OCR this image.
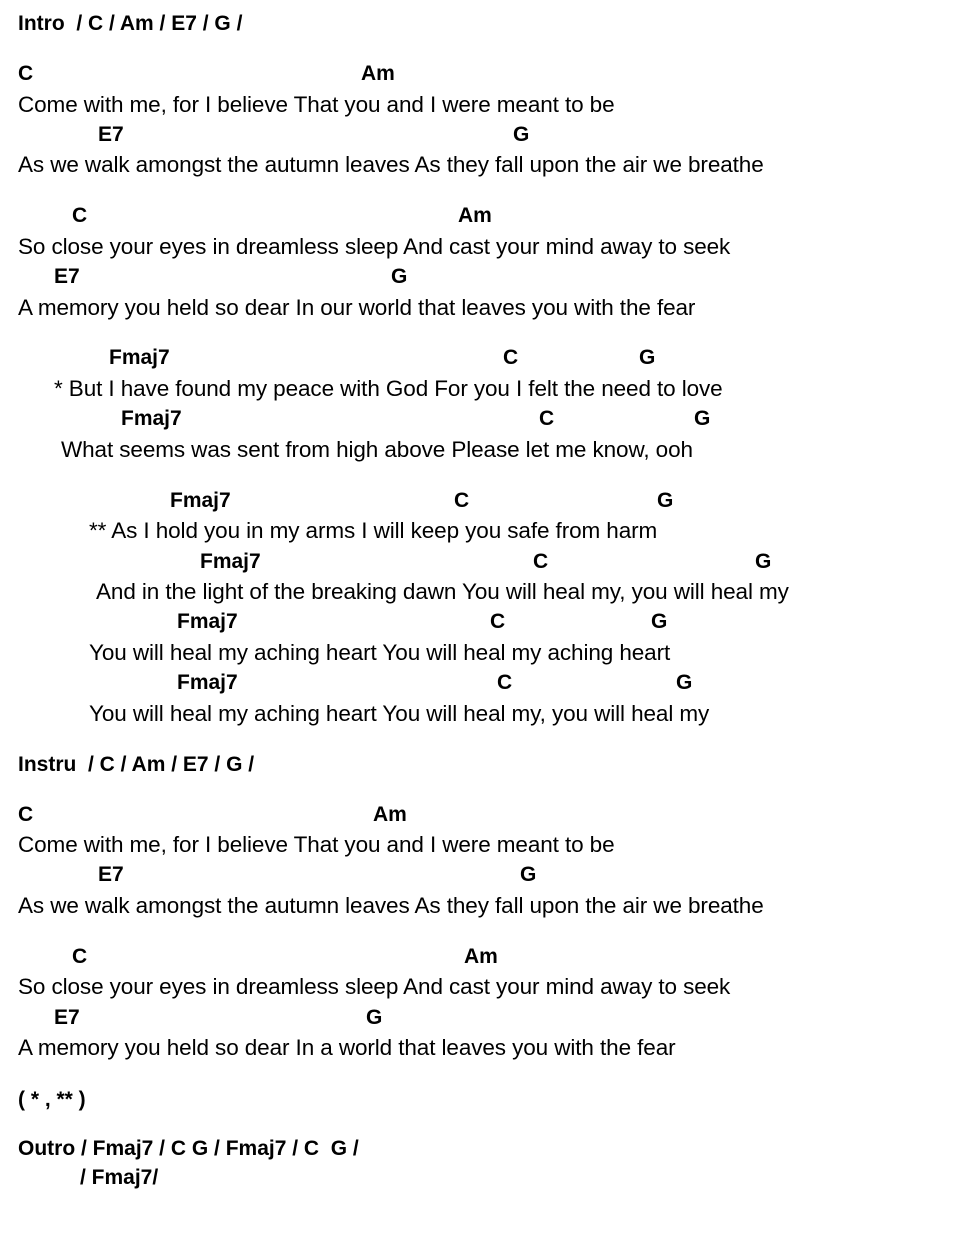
Intro  / C / Am / E7 / G /

C

	Am

Come with me, for I believe That you and I were meant to be

E7

	G

As we walk amongst the autumn leaves As they fall upon the air we breathe

C

	Am

So close your eyes in dreamless sleep And cast your mind away to seek

E7

	G

A memory you held so dear In our world that leaves you with the fear

Fmaj7

	C

	G

* But I have found my peace with God For you I felt the need to love

Fmaj7

	C

	G

What seems was sent from high above Please let me know, ooh

Fmaj7

	C

	G

** As I hold you in my arms I will keep you safe from harm

Fmaj7

	C

	G

And in the light of the breaking dawn You will heal my, you will heal my

Fmaj7

	C

	G

You will heal my aching heart You will heal my aching heart

Fmaj7

	C

	G

You will heal my aching heart You will heal my, you will heal my
Instru  / C / Am / E7 / G /

C

	Am

Come with me, for I believe That you and I were meant to be

E7

	G

As we walk amongst the autumn leaves As they fall upon the air we breathe

C

	Am

So close your eyes in dreamless sleep And cast your mind away to seek

E7

	G

A memory you held so dear In a world that leaves you with the fear
( * , ** )
Outro / Fmaj7 / C G / Fmaj7 / C  G /
/ Fmaj7/
